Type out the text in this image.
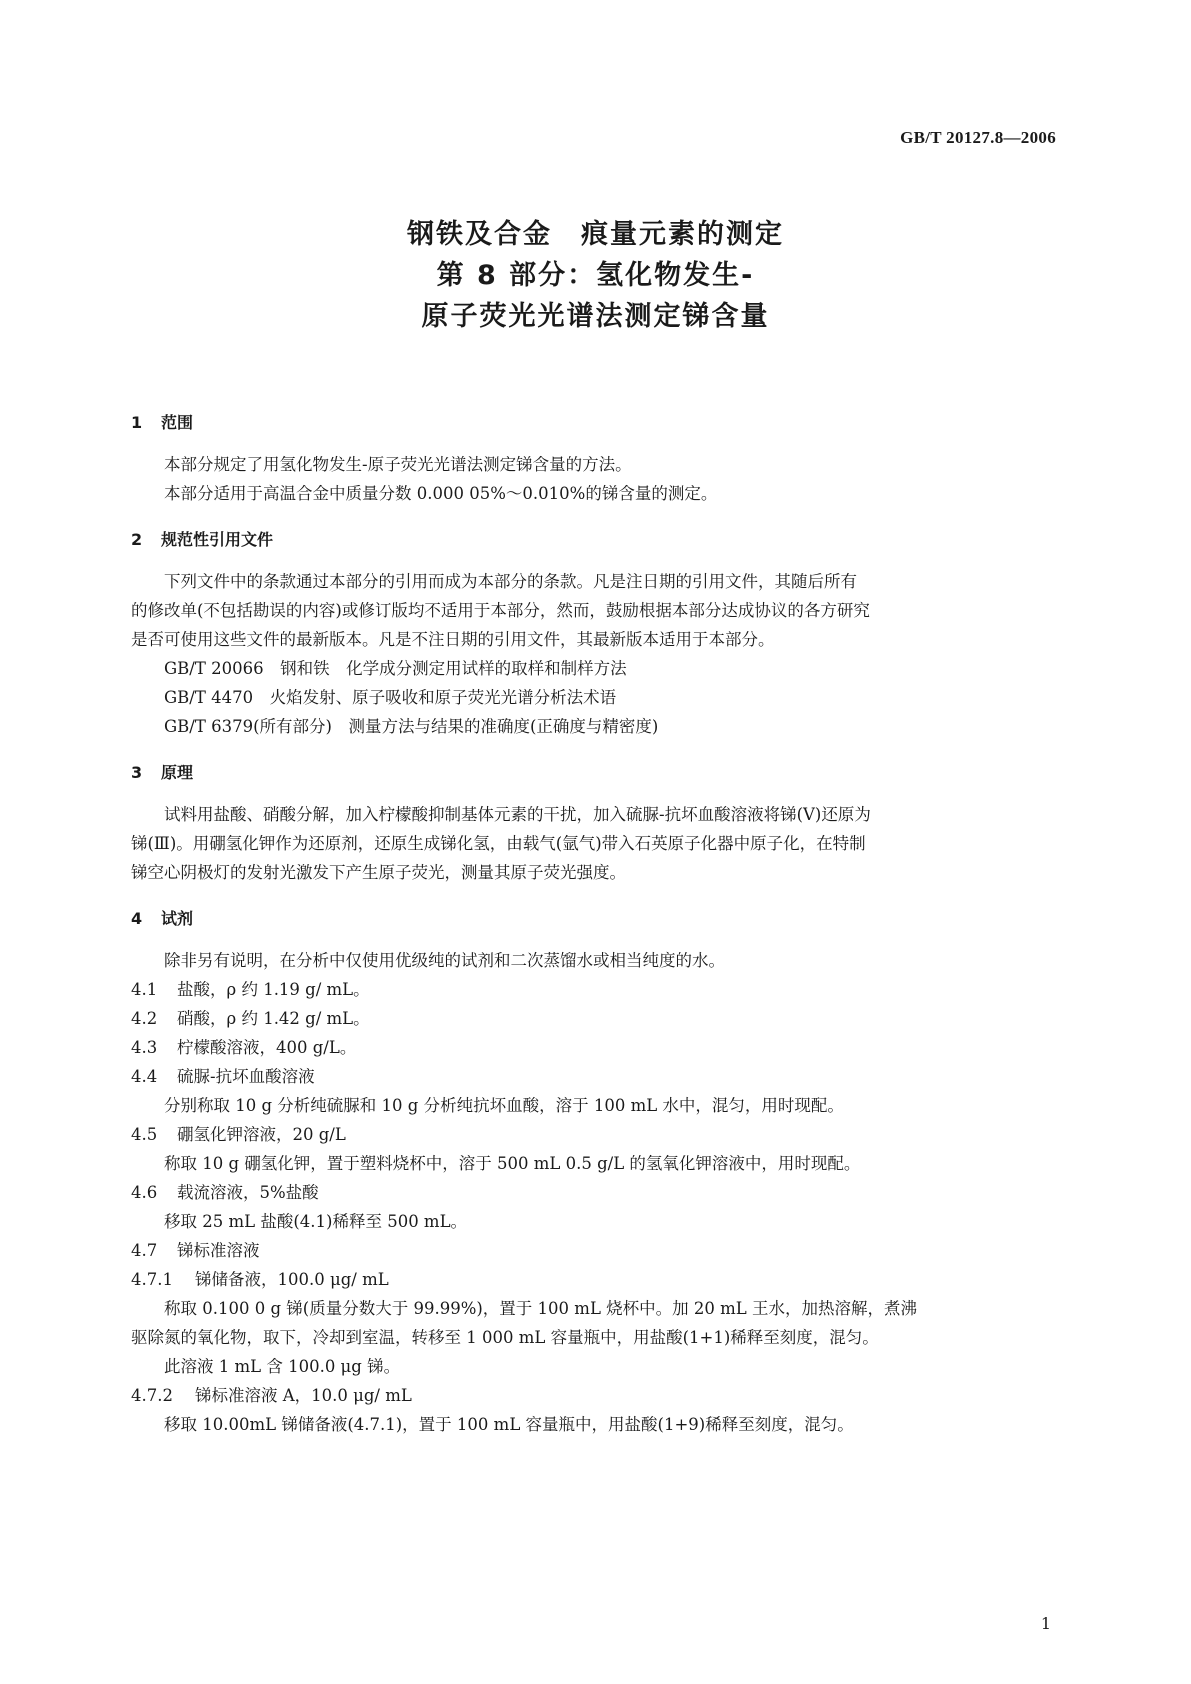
GB/T 20127.8—2006
钢铁及合金　痕量元素的测定
第 8 部分：氢化物发生-
原子荧光光谱法测定锑含量
1 范围
本部分规定了用氢化物发生-原子荧光光谱法测定锑含量的方法。
本部分适用于高温合金中质量分数 0.000 05%～0.010%的锑含量的测定。
2 规范性引用文件
下列文件中的条款通过本部分的引用而成为本部分的条款。凡是注日期的引用文件，其随后所有
的修改单(不包括勘误的内容)或修订版均不适用于本部分，然而，鼓励根据本部分达成协议的各方研究
是否可使用这些文件的最新版本。凡是不注日期的引用文件，其最新版本适用于本部分。
GB/T 20066　钢和铁　化学成分测定用试样的取样和制样方法
GB/T 4470　火焰发射、原子吸收和原子荧光光谱分析法术语
GB/T 6379(所有部分)　测量方法与结果的准确度(正确度与精密度)
3 原理
试料用盐酸、硝酸分解，加入柠檬酸抑制基体元素的干扰，加入硫脲-抗坏血酸溶液将锑(Ⅴ)还原为
锑(Ⅲ)。用硼氢化钾作为还原剂，还原生成锑化氢，由载气(氩气)带入石英原子化器中原子化，在特制
锑空心阴极灯的发射光激发下产生原子荧光，测量其原子荧光强度。
4 试剂
除非另有说明，在分析中仅使用优级纯的试剂和二次蒸馏水或相当纯度的水。
4.1 盐酸，ρ 约 1.19 g/ mL。
4.2 硝酸，ρ 约 1.42 g/ mL。
4.3 柠檬酸溶液，400 g/L。
4.4 硫脲-抗坏血酸溶液
分别称取 10 g 分析纯硫脲和 10 g 分析纯抗坏血酸，溶于 100 mL 水中，混匀，用时现配。
4.5 硼氢化钾溶液，20 g/L
称取 10 g 硼氢化钾，置于塑料烧杯中，溶于 500 mL 0.5 g/L 的氢氧化钾溶液中，用时现配。
4.6 载流溶液，5%盐酸
移取 25 mL 盐酸(4.1)稀释至 500 mL。
4.7 锑标准溶液
4.7.1 锑储备液，100.0 μg/ mL
称取 0.100 0 g 锑(质量分数大于 99.99%)，置于 100 mL 烧杯中。加 20 mL 王水，加热溶解，煮沸
驱除氮的氧化物，取下，冷却到室温，转移至 1 000 mL 容量瓶中，用盐酸(1+1)稀释至刻度，混匀。
此溶液 1 mL 含 100.0 μg 锑。
4.7.2 锑标准溶液 A，10.0 μg/ mL
移取 10.00mL 锑储备液(4.7.1)，置于 100 mL 容量瓶中，用盐酸(1+9)稀释至刻度，混匀。
1
